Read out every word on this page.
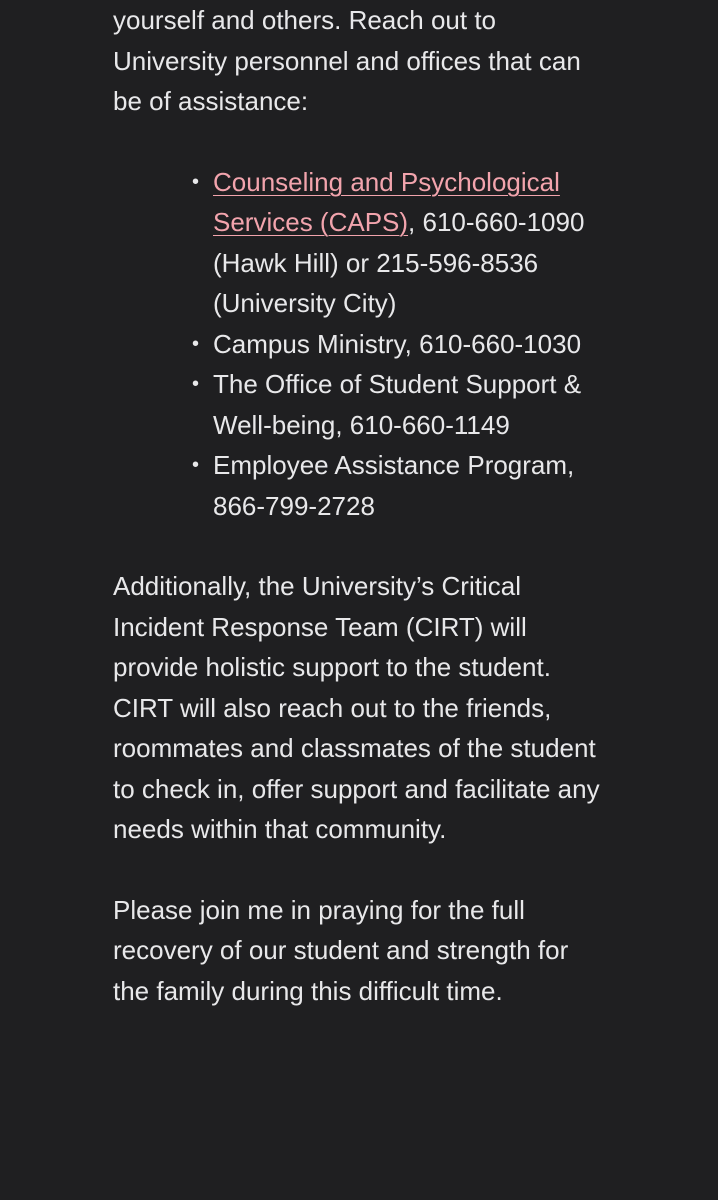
yourself and others. Reach out to University personnel and offices that can be of assistance:

• Counseling and Psychological Services (CAPS), 610-660-1090 (Hawk Hill) or 215-596-8536 (University City)
• Campus Ministry, 610-660-1030
• The Office of Student Support & Well-being, 610-660-1149
• Employee Assistance Program, 866-799-2728

Additionally, the University’s Critical Incident Response Team (CIRT) will provide holistic support to the student. CIRT will also reach out to the friends, roommates and classmates of the student to check in, offer support and facilitate any needs within that community.

Please join me in praying for the full recovery of our student and strength for the family during this difficult time.
